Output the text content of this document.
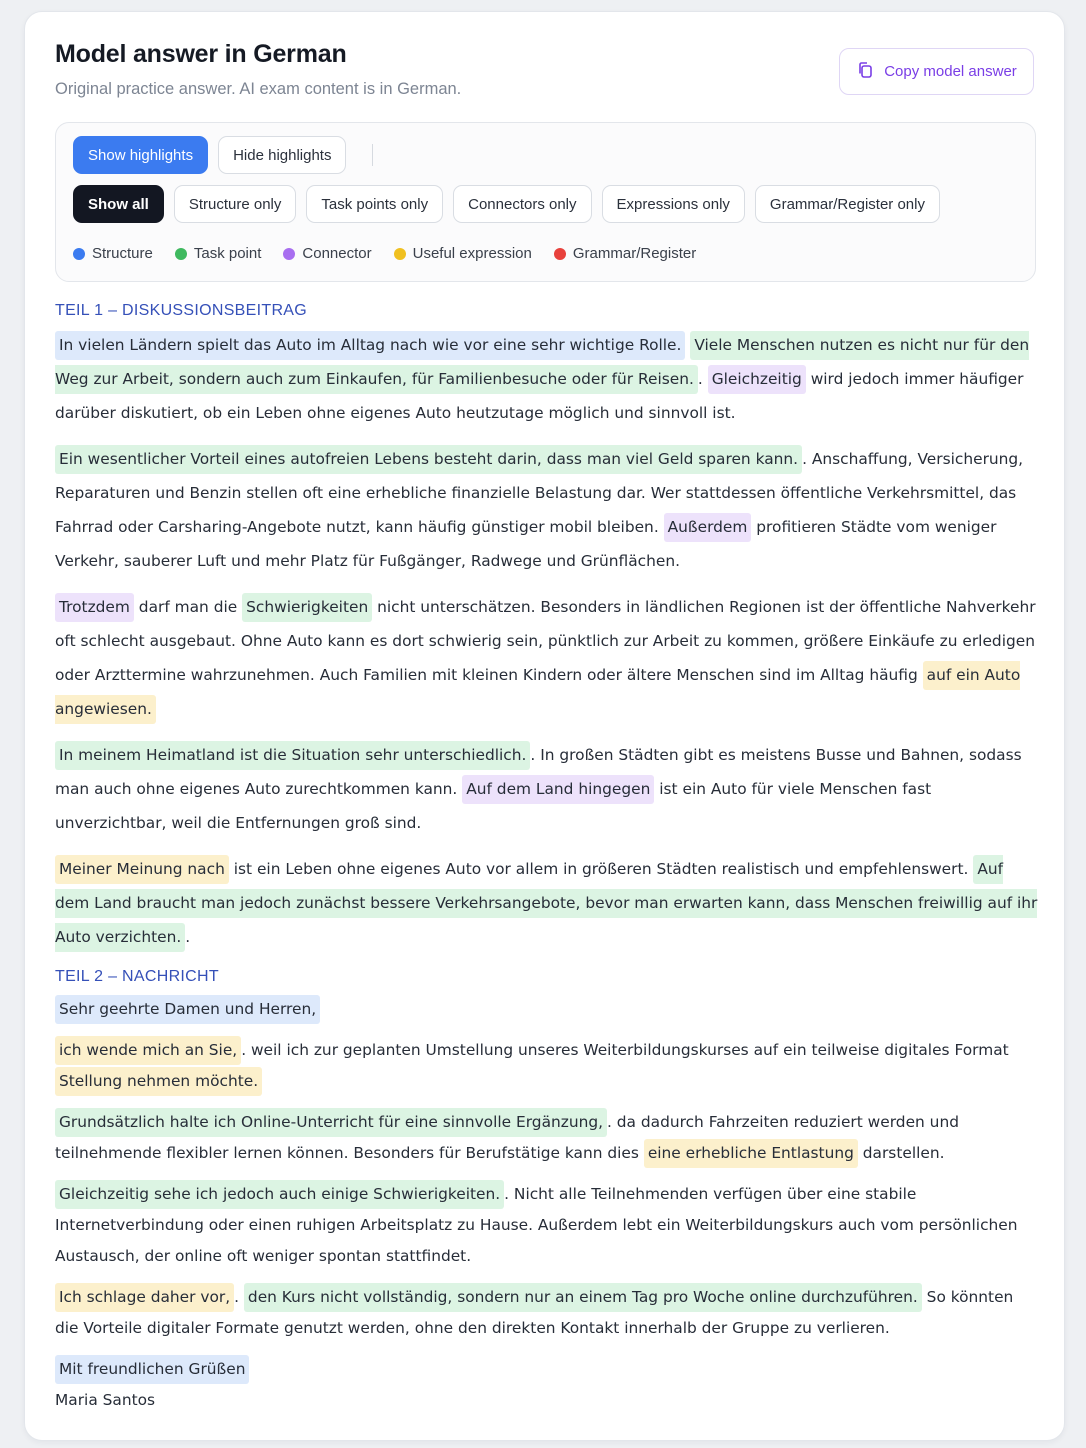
Model answer in German
Original practice answer. AI exam content is in German.
Copy model answer
Show highlights	Hide highlights
Show all	Structure only	Task points only	Connectors only	Expressions only	Grammar/Register only
Structure	Task point	Connector	Useful expression	Grammar/Register
TEIL 1 – DISKUSSIONSBEITRAG

In vielen Ländern spielt das Auto im Alltag nach wie vor eine sehr wichtige Rolle. Viele Menschen nutzen es nicht nur für den Weg zur Arbeit, sondern auch zum Einkaufen, für Familienbesuche oder für Reisen. . Gleichzeitig wird jedoch immer häufiger darüber diskutiert, ob ein Leben ohne eigenes Auto heutzutage möglich und sinnvoll ist.

Ein wesentlicher Vorteil eines autofreien Lebens besteht darin, dass man viel Geld sparen kann. . Anschaffung, Versicherung, Reparaturen und Benzin stellen oft eine erhebliche finanzielle Belastung dar. Wer stattdessen öffentliche Verkehrsmittel, das Fahrrad oder Carsharing-Angebote nutzt, kann häufig günstiger mobil bleiben. Außerdem profitieren Städte vom weniger Verkehr, sauberer Luft und mehr Platz für Fußgänger, Radwege und Grünflächen.

Trotzdem darf man die Schwierigkeiten nicht unterschätzen. Besonders in ländlichen Regionen ist der öffentliche Nahverkehr oft schlecht ausgebaut. Ohne Auto kann es dort schwierig sein, pünktlich zur Arbeit zu kommen, größere Einkäufe zu erledigen oder Arzttermine wahrzunehmen. Auch Familien mit kleinen Kindern oder ältere Menschen sind im Alltag häufig auf ein Auto angewiesen.

In meinem Heimatland ist die Situation sehr unterschiedlich. . In großen Städten gibt es meistens Busse und Bahnen, sodass man auch ohne eigenes Auto zurechtkommen kann. Auf dem Land hingegen ist ein Auto für viele Menschen fast unverzichtbar, weil die Entfernungen groß sind.

Meiner Meinung nach ist ein Leben ohne eigenes Auto vor allem in größeren Städten realistisch und empfehlenswert. Auf dem Land braucht man jedoch zunächst bessere Verkehrsangebote, bevor man erwarten kann, dass Menschen freiwillig auf ihr Auto verzichten. .

TEIL 2 – NACHRICHT

Sehr geehrte Damen und Herren,

ich wende mich an Sie, . weil ich zur geplanten Umstellung unseres Weiterbildungskurses auf ein teilweise digitales Format Stellung nehmen möchte.

Grundsätzlich halte ich Online-Unterricht für eine sinnvolle Ergänzung, . da dadurch Fahrzeiten reduziert werden und teilnehmende flexibler lernen können. Besonders für Berufstätige kann dies eine erhebliche Entlastung darstellen.

Gleichzeitig sehe ich jedoch auch einige Schwierigkeiten. . Nicht alle Teilnehmenden verfügen über eine stabile Internetverbindung oder einen ruhigen Arbeitsplatz zu Hause. Außerdem lebt ein Weiterbildungskurs auch vom persönlichen Austausch, der online oft weniger spontan stattfindet.

Ich schlage daher vor, . den Kurs nicht vollständig, sondern nur an einem Tag pro Woche online durchzuführen. So könnten die Vorteile digitaler Formate genutzt werden, ohne den direkten Kontakt innerhalb der Gruppe zu verlieren.

Mit freundlichen Grüßen

Maria Santos
